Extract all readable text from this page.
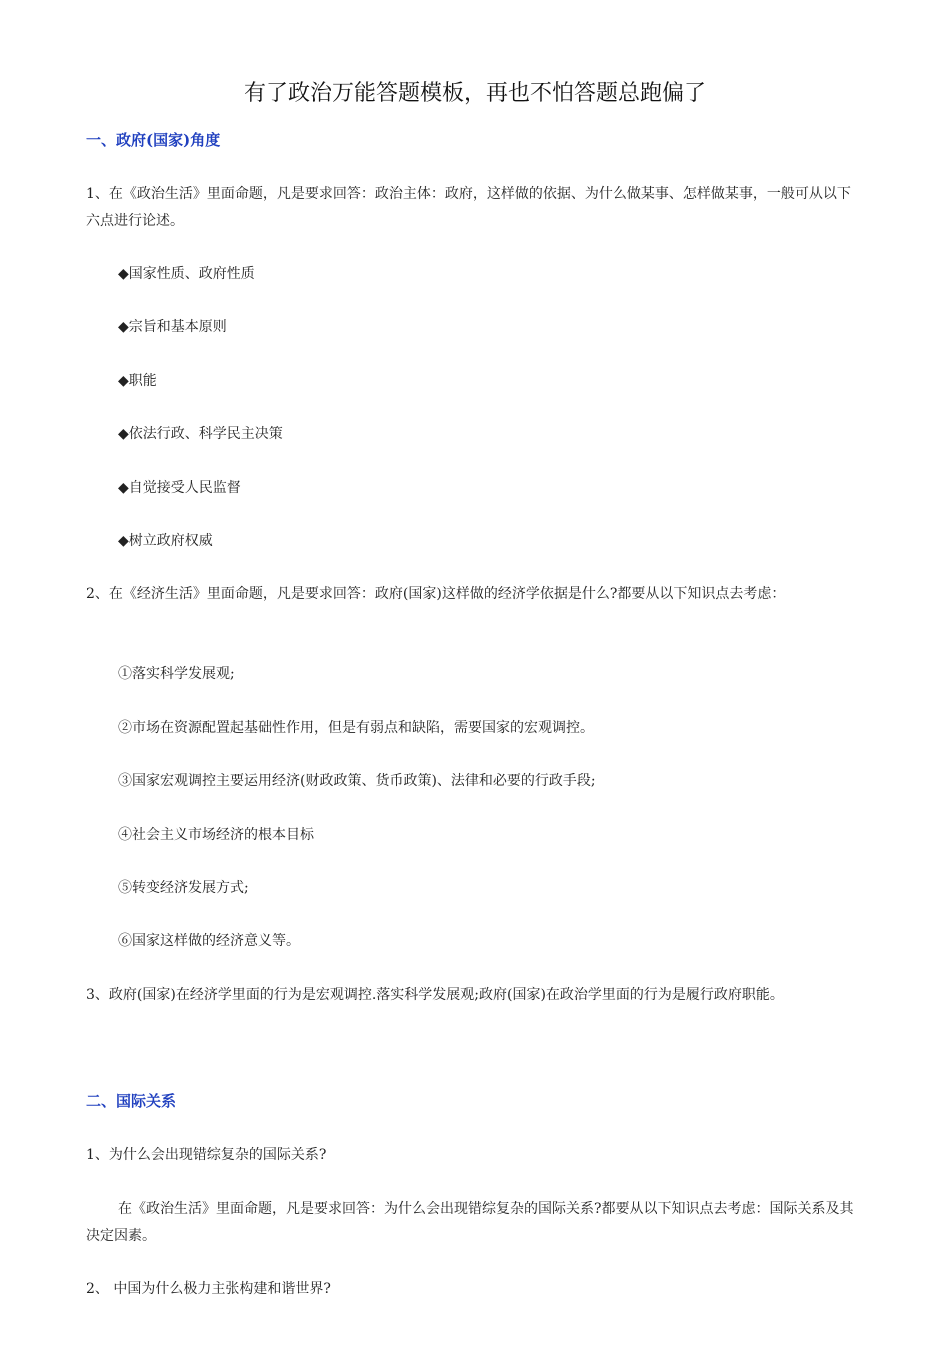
有了政治万能答题模板，再也不怕答题总跑偏了
一、政府(国家)角度
1、在《政治生活》里面命题，凡是要求回答：政治主体：政府，这样做的依据、为什么做某事、怎样做某事，一般可从以下六点进行论述。
◆国家性质、政府性质
◆宗旨和基本原则
◆职能
◆依法行政、科学民主决策
◆自觉接受人民监督
◆树立政府权威
2、在《经济生活》里面命题，凡是要求回答：政府(国家)这样做的经济学依据是什么?都要从以下知识点去考虑：
①落实科学发展观;
②市场在资源配置起基础性作用，但是有弱点和缺陷，需要国家的宏观调控。
③国家宏观调控主要运用经济(财政政策、货币政策)、法律和必要的行政手段;
④社会主义市场经济的根本目标
⑤转变经济发展方式;
⑥国家这样做的经济意义等。
3、政府(国家)在经济学里面的行为是宏观调控.落实科学发展观;政府(国家)在政治学里面的行为是履行政府职能。
二、国际关系
1、为什么会出现错综复杂的国际关系?
在《政治生活》里面命题，凡是要求回答：为什么会出现错综复杂的国际关系?都要从以下知识点去考虑：国际关系及其决定因素。
2、 中国为什么极力主张构建和谐世界?
